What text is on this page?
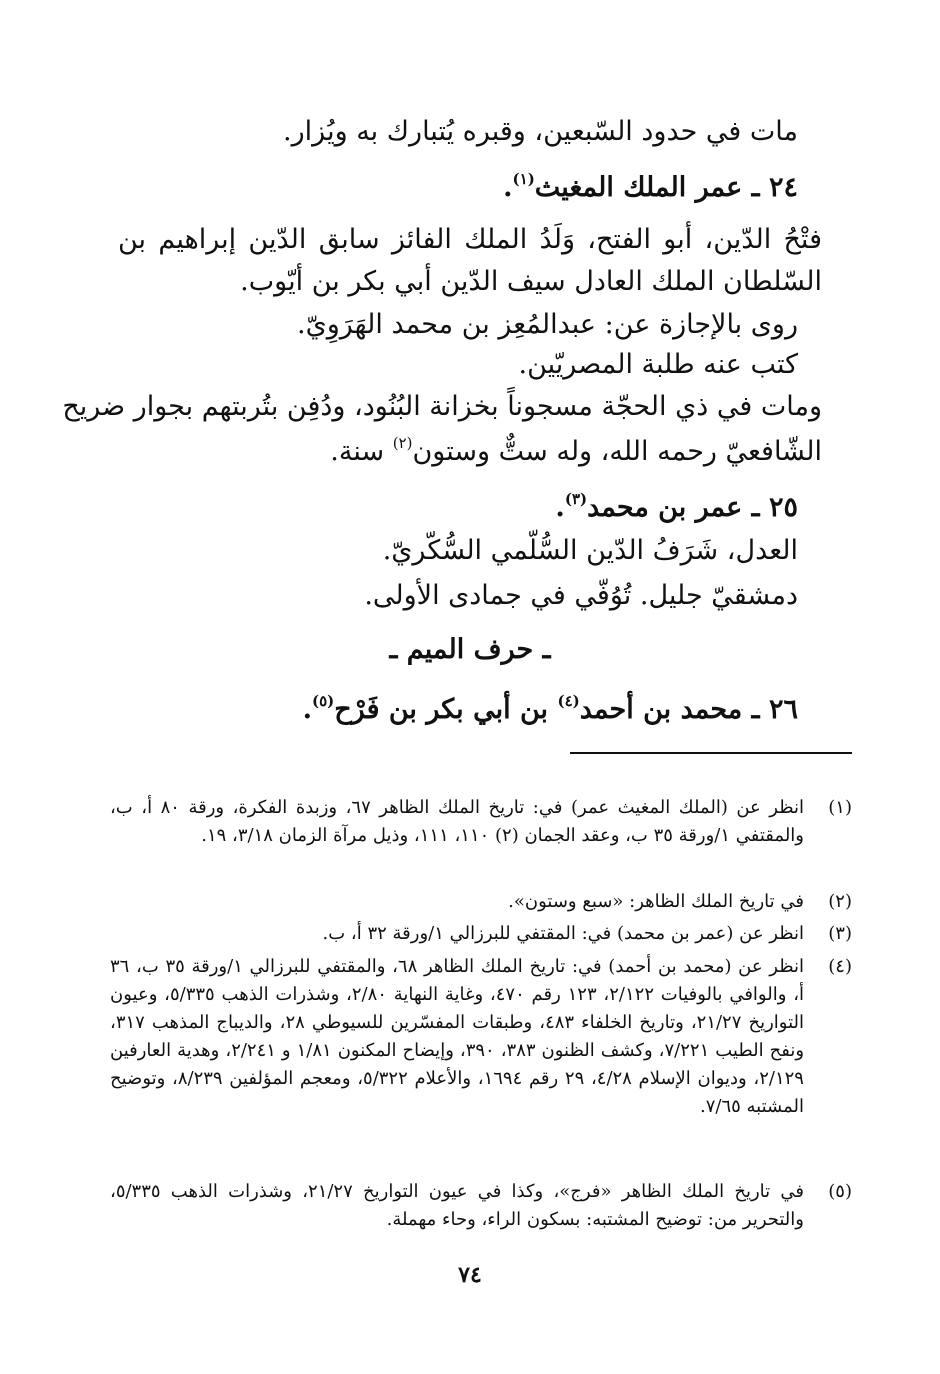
مات في حدود السّبعين، وقبره يُتبارك به ويُزار.
٢٤ ـ عمر الملك المغيث$^{(١)}$.
فتْحُ الدّين، أبو الفتح، وَلَدُ الملك الفائز سابق الدّين إبراهيم بن
السّلطان الملك العادل سيف الدّين أبي بكر بن أيّوب.
روى بالإجازة عن: عبدالمُعِز بن محمد الهَرَوِيّ.
كتب عنه طلبة المصريّين.
ومات في ذي الحجّة مسجوناً بخزانة البُنُود، ودُفِن بتُربتهم بجوار ضريح
الشّافعيّ رحمه الله، وله ستٌّ وستون$^{(٢)}$ سنة.
٢٥ ـ عمر بن محمد$^{(٣)}$.
العدل، شَرَفُ الدّين السُّلّمي السُّكّريّ.
دمشقيّ جليل. تُوُفّي في جمادى الأولى.
ـ حرف الميم ـ
٢٦ ـ محمد بن أحمد$^{(٤)}$ بن أبي بكر بن فَرْح$^{(٥)}$.
(١)
انظر عن (الملك المغيث عمر) في: تاريخ الملك الظاهر ٦٧، وزبدة الفكرة، ورقة ٨٠ أ، ب، والمقتفي ١/ورقة ٣٥ ب، وعقد الجمان (٢) ١١٠، ١١١، وذيل مرآة الزمان ٣/١٨، ١٩.
(٢)
في تاريخ الملك الظاهر: «سبع وستون».
(٣)
انظر عن (عمر بن محمد) في: المقتفي للبرزالي ١/ورقة ٣٢ أ، ب.
(٤)
انظر عن (محمد بن أحمد) في: تاريخ الملك الظاهر ٦٨، والمقتفي للبرزالي ١/ورقة ٣٥ ب، ٣٦ أ، والوافي بالوفيات ٢/١٢٢، ١٢٣ رقم ٤٧٠، وغاية النهاية ٢/٨٠، وشذرات الذهب ٥/٣٣٥، وعيون التواريخ ٢١/٢٧، وتاريخ الخلفاء ٤٨٣، وطبقات المفسّرين للسيوطي ٢٨، والديباج المذهب ٣١٧، ونفح الطيب ٧/٢٢١، وكشف الظنون ٣٨٣، ٣٩٠، وإيضاح المكنون ١/٨١ و ٢/٢٤١، وهدية العارفين ٢/١٢٩، وديوان الإسلام ٤/٢٨، ٢٩ رقم ١٦٩٤، والأعلام ٥/٣٢٢، ومعجم المؤلفين ٨/٢٣٩، وتوضيح المشتبه ٧/٦٥.
(٥)
في تاريخ الملك الظاهر «فرج»، وكذا في عيون التواريخ ٢١/٢٧، وشذرات الذهب ٥/٣٣٥، والتحرير من: توضيح المشتبه: بسكون الراء، وحاء مهملة.
٧٤
